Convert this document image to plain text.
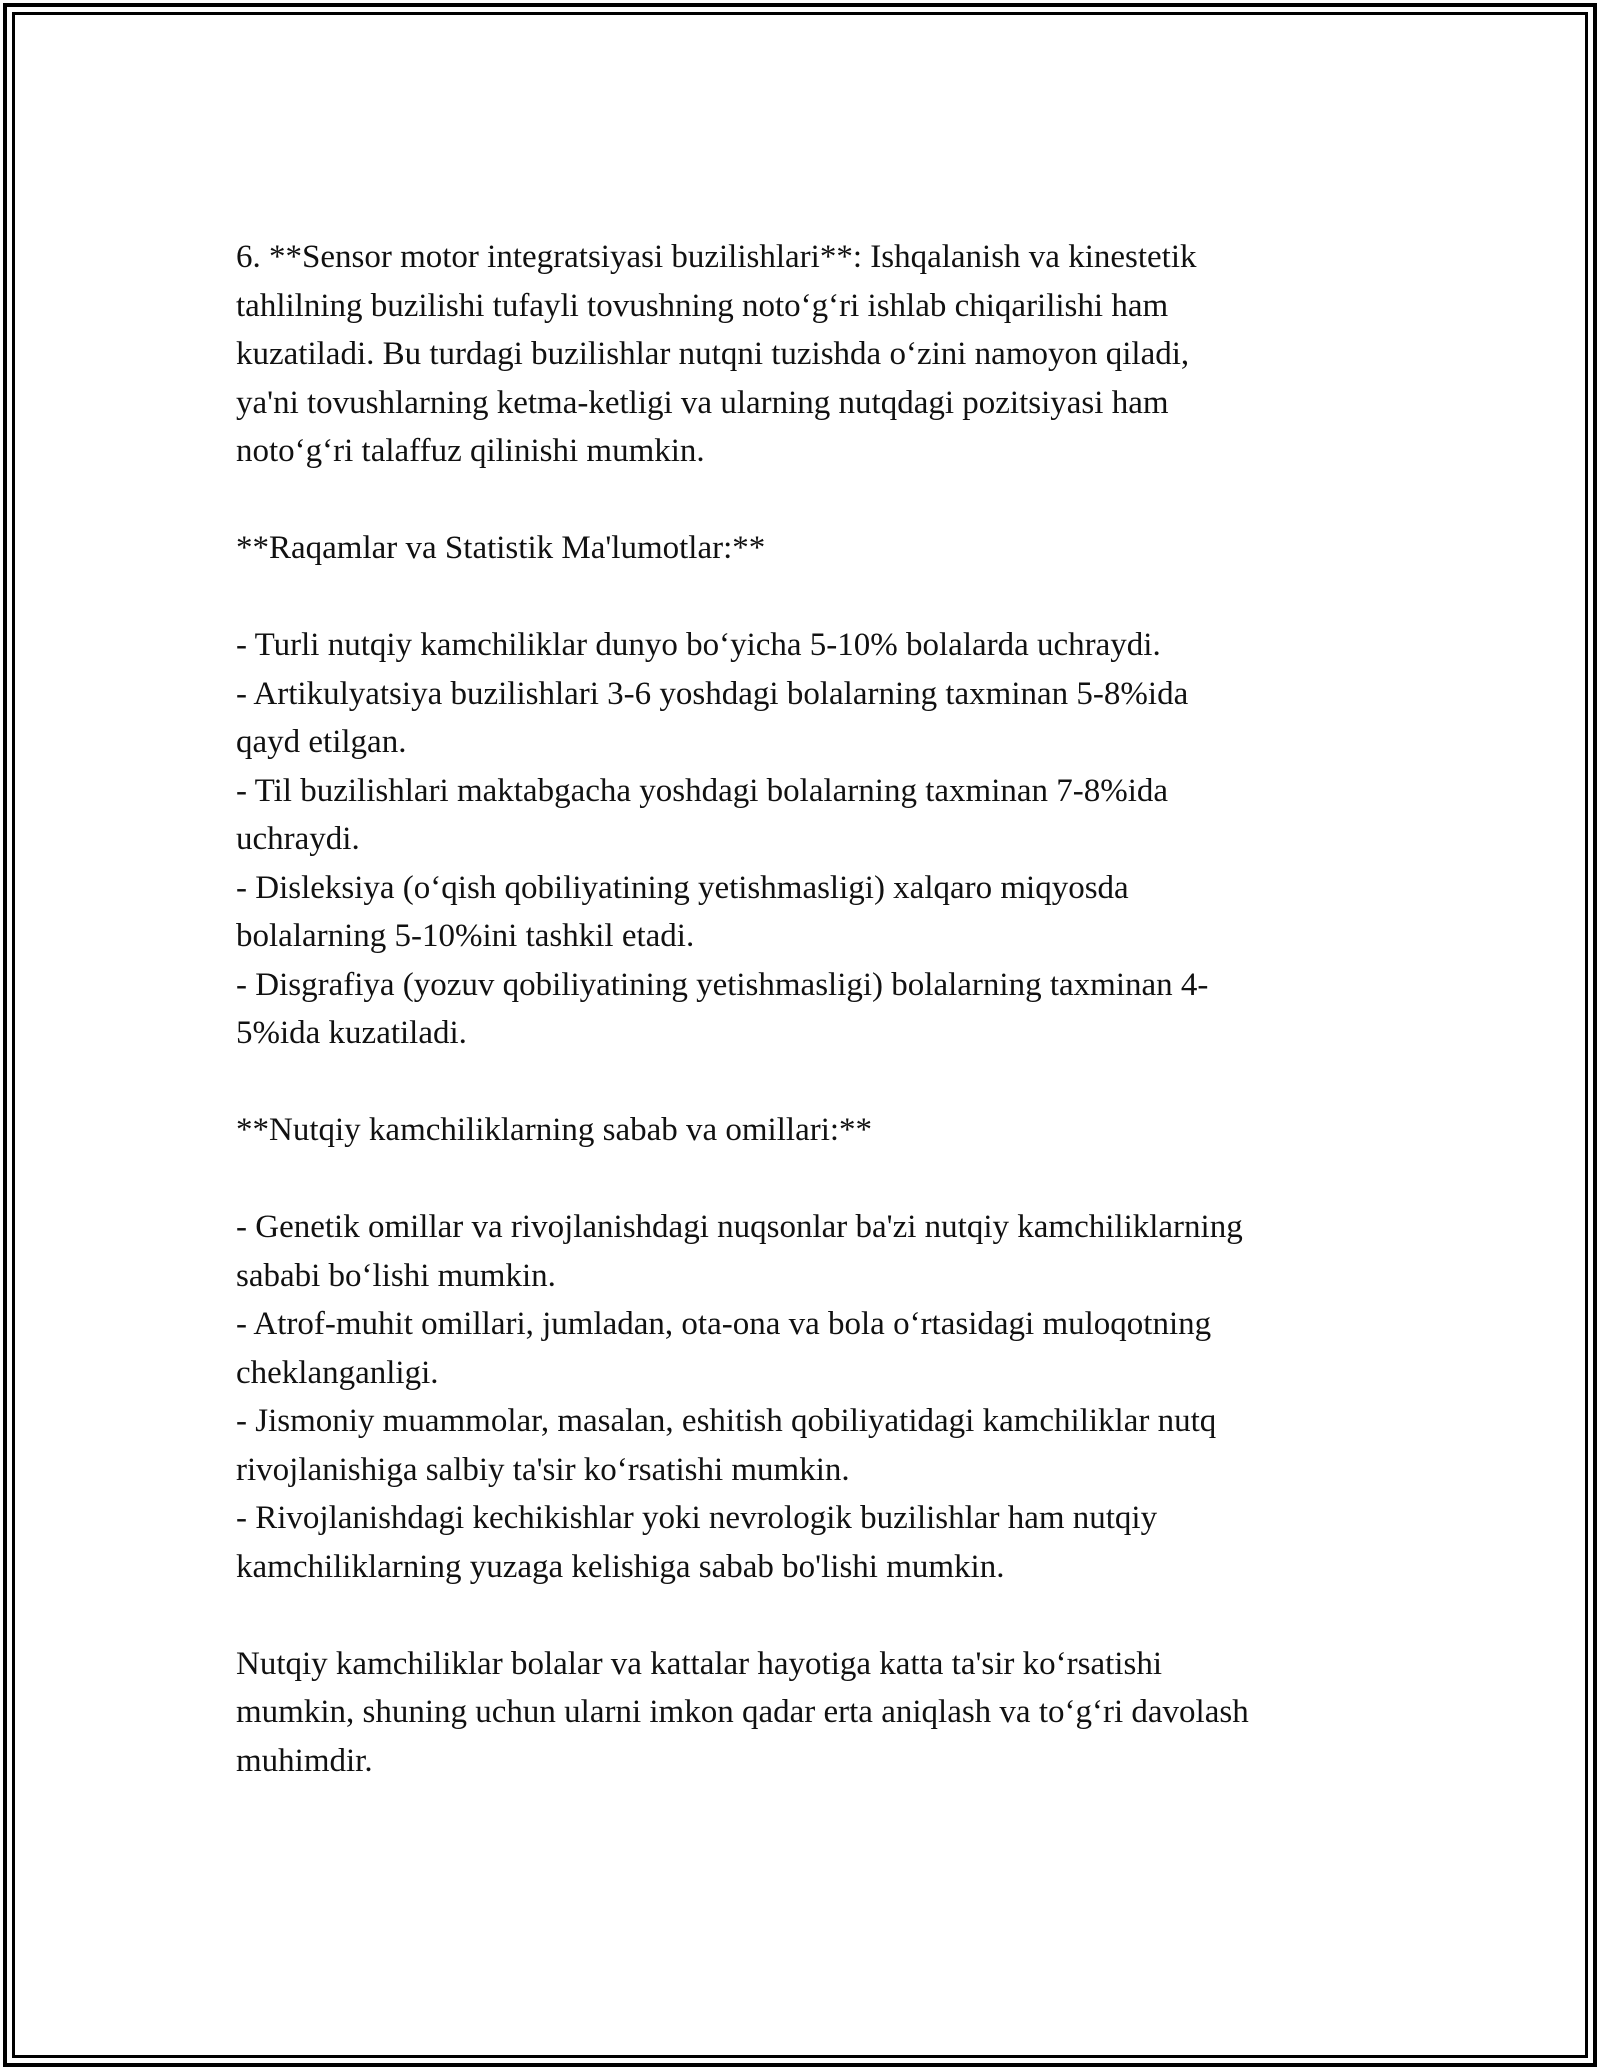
6. **Sensor motor integratsiyasi buzilishlari**: Ishqalanish va kinestetik

tahlilning buzilishi tufayli tovushning noto‘g‘ri ishlab chiqarilishi ham

kuzatiladi. Bu turdagi buzilishlar nutqni tuzishda o‘zini namoyon qiladi,

ya'ni tovushlarning ketma-ketligi va ularning nutqdagi pozitsiyasi ham

noto‘g‘ri talaffuz qilinishi mumkin.

**Raqamlar va Statistik Ma'lumotlar:**

- Turli nutqiy kamchiliklar dunyo bo‘yicha 5-10% bolalarda uchraydi.

- Artikulyatsiya buzilishlari 3-6 yoshdagi bolalarning taxminan 5-8%ida

qayd etilgan.

- Til buzilishlari maktabgacha yoshdagi bolalarning taxminan 7-8%ida

uchraydi.

- Disleksiya (o‘qish qobiliyatining yetishmasligi) xalqaro miqyosda

bolalarning 5-10%ini tashkil etadi.

- Disgrafiya (yozuv qobiliyatining yetishmasligi) bolalarning taxminan 4-

5%ida kuzatiladi.

**Nutqiy kamchiliklarning sabab va omillari:**

- Genetik omillar va rivojlanishdagi nuqsonlar ba'zi nutqiy kamchiliklarning

sababi bo‘lishi mumkin.

- Atrof-muhit omillari, jumladan, ota-ona va bola o‘rtasidagi muloqotning

cheklanganligi.

- Jismoniy muammolar, masalan, eshitish qobiliyatidagi kamchiliklar nutq

rivojlanishiga salbiy ta'sir ko‘rsatishi mumkin.

- Rivojlanishdagi kechikishlar yoki nevrologik buzilishlar ham nutqiy

kamchiliklarning yuzaga kelishiga sabab bo'lishi mumkin.

Nutqiy kamchiliklar bolalar va kattalar hayotiga katta ta'sir ko‘rsatishi

mumkin, shuning uchun ularni imkon qadar erta aniqlash va to‘g‘ri davolash

muhimdir.
